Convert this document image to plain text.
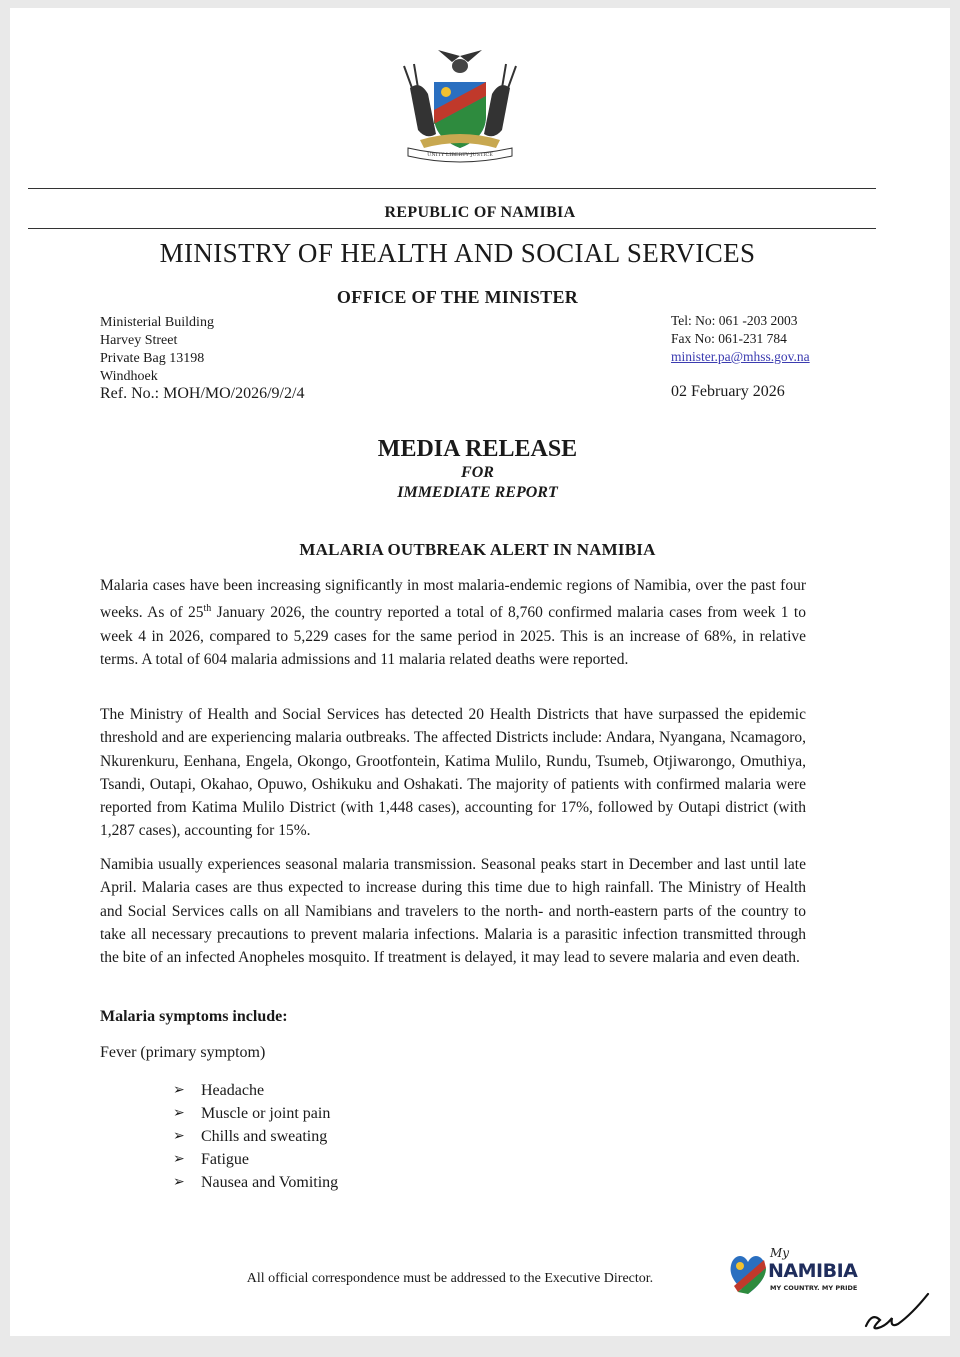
UNITY LIBERTY JUSTICE
REPUBLIC OF NAMIBIA
MINISTRY OF HEALTH AND SOCIAL SERVICES
OFFICE OF THE MINISTER
Ministerial Building
Harvey Street
Private Bag 13198
Windhoek
Ref. No.: MOH/MO/2026/9/2/4
Tel: No: 061 -203 2003
Fax No: 061-231 784
minister.pa@mhss.gov.na
02 February 2026
MEDIA RELEASE
FOR
IMMEDIATE REPORT
MALARIA OUTBREAK ALERT IN NAMIBIA
Malaria cases have been increasing significantly in most malaria-endemic regions of Namibia, over the past four weeks. As of 25th January 2026, the country reported a total of 8,760 confirmed malaria cases from week 1 to week 4 in 2026, compared to 5,229 cases for the same period in 2025. This is an increase of 68%, in relative terms. A total of 604 malaria admissions and 11 malaria related deaths were reported.
The Ministry of Health and Social Services has detected 20 Health Districts that have surpassed the epidemic threshold and are experiencing malaria outbreaks. The affected Districts include: Andara, Nyangana, Ncamagoro, Nkurenkuru, Eenhana, Engela, Okongo, Grootfontein, Katima Mulilo, Rundu, Tsumeb, Otjiwarongo, Omuthiya, Tsandi, Outapi, Okahao, Opuwo, Oshikuku and Oshakati. The majority of patients with confirmed malaria were reported from Katima Mulilo District (with 1,448 cases), accounting for 17%, followed by Outapi district (with 1,287 cases), accounting for 15%.
Namibia usually experiences seasonal malaria transmission. Seasonal peaks start in December and last until late April. Malaria cases are thus expected to increase during this time due to high rainfall. The Ministry of Health and Social Services calls on all Namibians and travelers to the north- and north-eastern parts of the country to take all necessary precautions to prevent malaria infections. Malaria is a parasitic infection transmitted through the bite of an infected Anopheles mosquito. If treatment is delayed, it may lead to severe malaria and even death.
Malaria symptoms include:
Fever (primary symptom)
➢	Headache
➢	Muscle or joint pain
➢	Chills and sweating
➢	Fatigue
➢	Nausea and Vomiting
All official correspondence must be addressed to the Executive Director.
My
NAMIBIA
MY COUNTRY. MY PRIDE
